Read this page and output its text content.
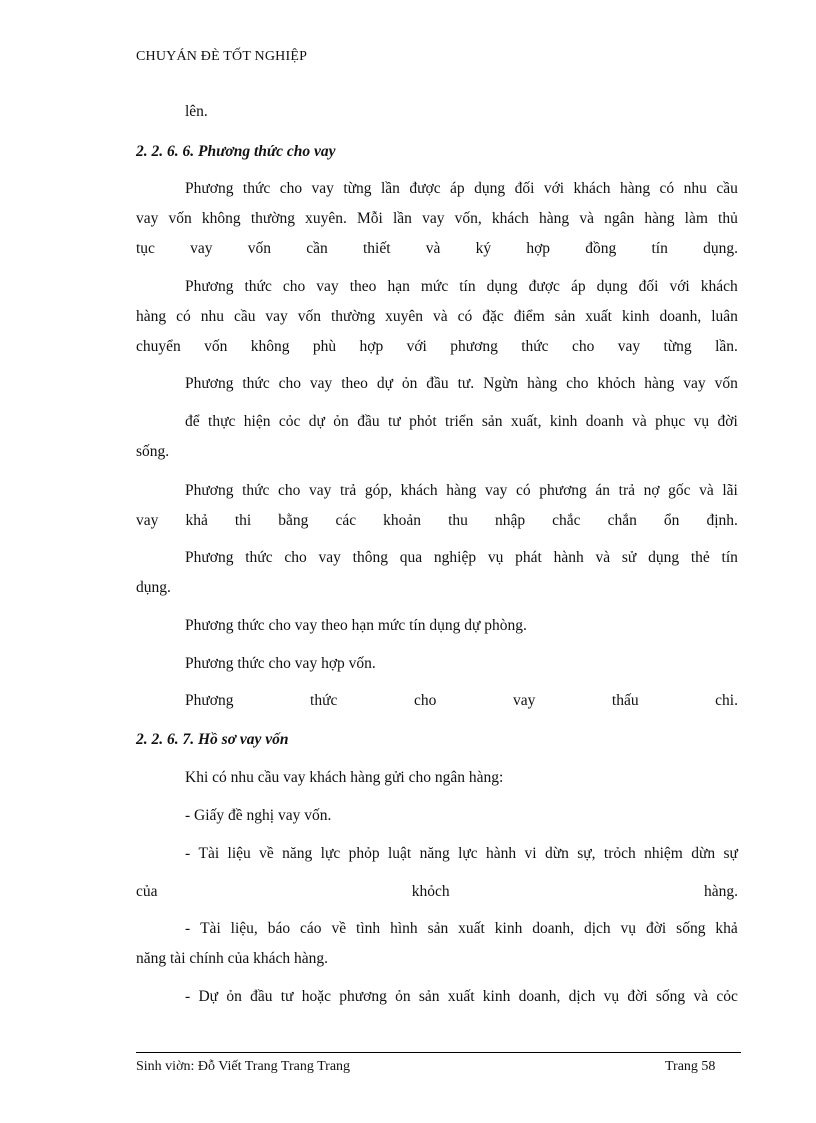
CHUYÁN ĐÈ TỐT NGHIỆP
lên.
2. 2. 6. 6. Phương thức cho vay
Phương thức cho vay từng lần được áp dụng đối với khách hàng có nhu cầu
vay vốn không thường xuyên. Mỗi lần vay vốn, khách hàng và ngân hàng làm thủ
tục vay vốn cần thiết và ký hợp đồng tín dụng.
Phương thức cho vay theo hạn mức tín dụng được áp dụng đối với khách
hàng có nhu cầu vay vốn thường xuyên và có đặc điểm sản xuất kinh doanh, luân
chuyển vốn không phù hợp với phương thức cho vay từng lần.
Phương thức cho vay theo dự ỏn đầu tư. Ngừn hàng cho khỏch hàng vay vốn
để thực hiện cỏc dự ỏn đầu tư phỏt triển sản xuất, kinh doanh và phục vụ đời
sống.
Phương thức cho vay trả góp, khách hàng vay có phương án trả nợ gốc và lãi
vay khả thi bằng các khoản thu nhập chắc chắn ổn định.
Phương thức cho vay thông qua nghiệp vụ phát hành và sử dụng thẻ tín
dụng.
Phương thức cho vay theo hạn mức tín dụng dự phòng.
Phương thức cho vay hợp vốn.
Phương	thức	cho	vay	thấu	chi.
2. 2. 6. 7. Hồ sơ vay vốn
Khi có nhu cầu vay khách hàng gửi cho ngân hàng:
- Giấy đề nghị vay vốn.
- Tài liệu về năng lực phỏp luật năng lực hành vi dừn sự, trỏch nhiệm dừn sự
của	khỏch	hàng.
- Tài liệu, báo cáo về tình hình sản xuất kinh doanh, dịch vụ đời sống khả
năng tài chính của khách hàng.
- Dự ỏn đầu tư hoặc phương ỏn sản xuất kinh doanh, dịch vụ đời sống và cỏc
Sinh viờn: Đỗ Viết Trang Trang Trang	Trang 58
